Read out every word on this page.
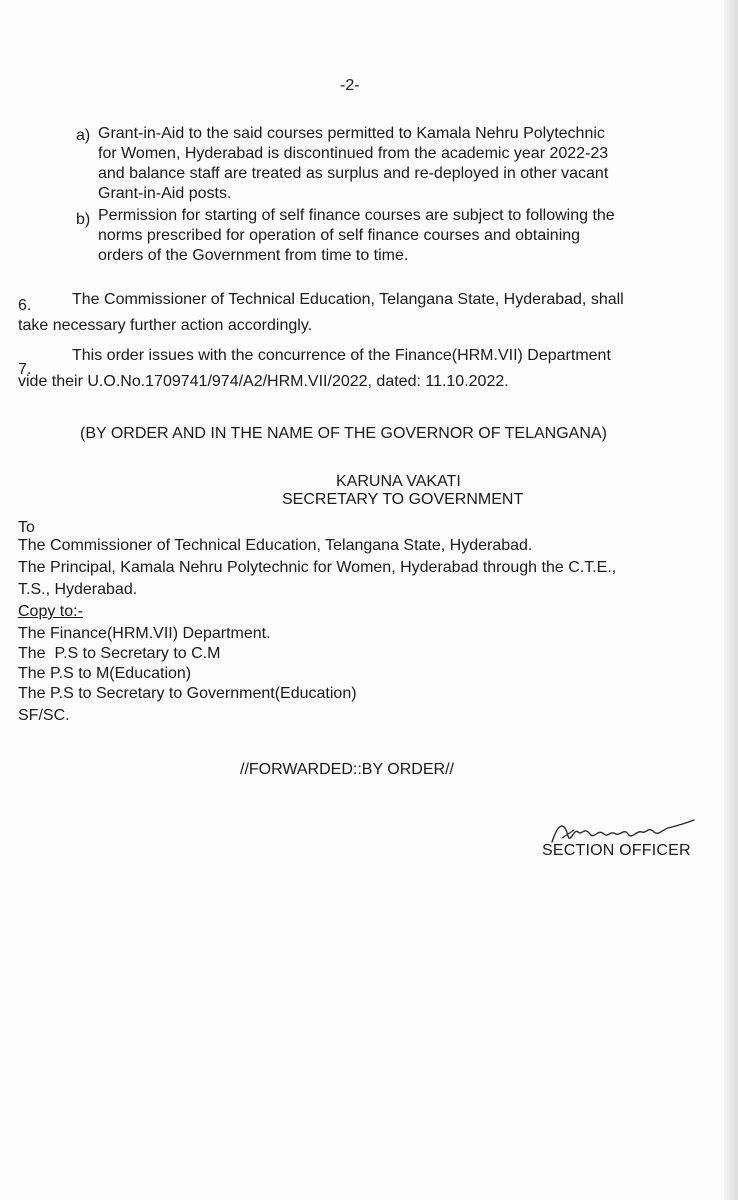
-2-

a) Grant-in-Aid to the said courses permitted to Kamala Nehru Polytechnic

for Women, Hyderabad is discontinued from the academic year 2022-23

and balance staff are treated as surplus and re-deployed in other vacant

Grant-in-Aid posts.

b) Permission for starting of self finance courses are subject to following the

norms prescribed for operation of self finance courses and obtaining

orders of the Government from time to time.

6.	The Commissioner of Technical Education, Telangana State, Hyderabad, shall

take necessary further action accordingly.

7.

This order issues with the concurrence of the Finance(HRM.VII) Department

vide their U.O.No.1709741/974/A2/HRM.VII/2022, dated: 11.10.2022.

(BY ORDER AND IN THE NAME OF THE GOVERNOR OF TELANGANA)

KARUNA VAKATI

SECRETARY TO GOVERNMENT

To

The Commissioner of Technical Education, Telangana State, Hyderabad.

The Principal, Kamala Nehru Polytechnic for Women, Hyderabad through the C.T.E.,

T.S., Hyderabad.

Copy to:-

The Finance(HRM.VII) Department.

The  P.S to Secretary to C.M

The P.S to M(Education)

The P.S to Secretary to Government(Education)

SF/SC.

//FORWARDED::BY ORDER//

SECTION OFFICER
